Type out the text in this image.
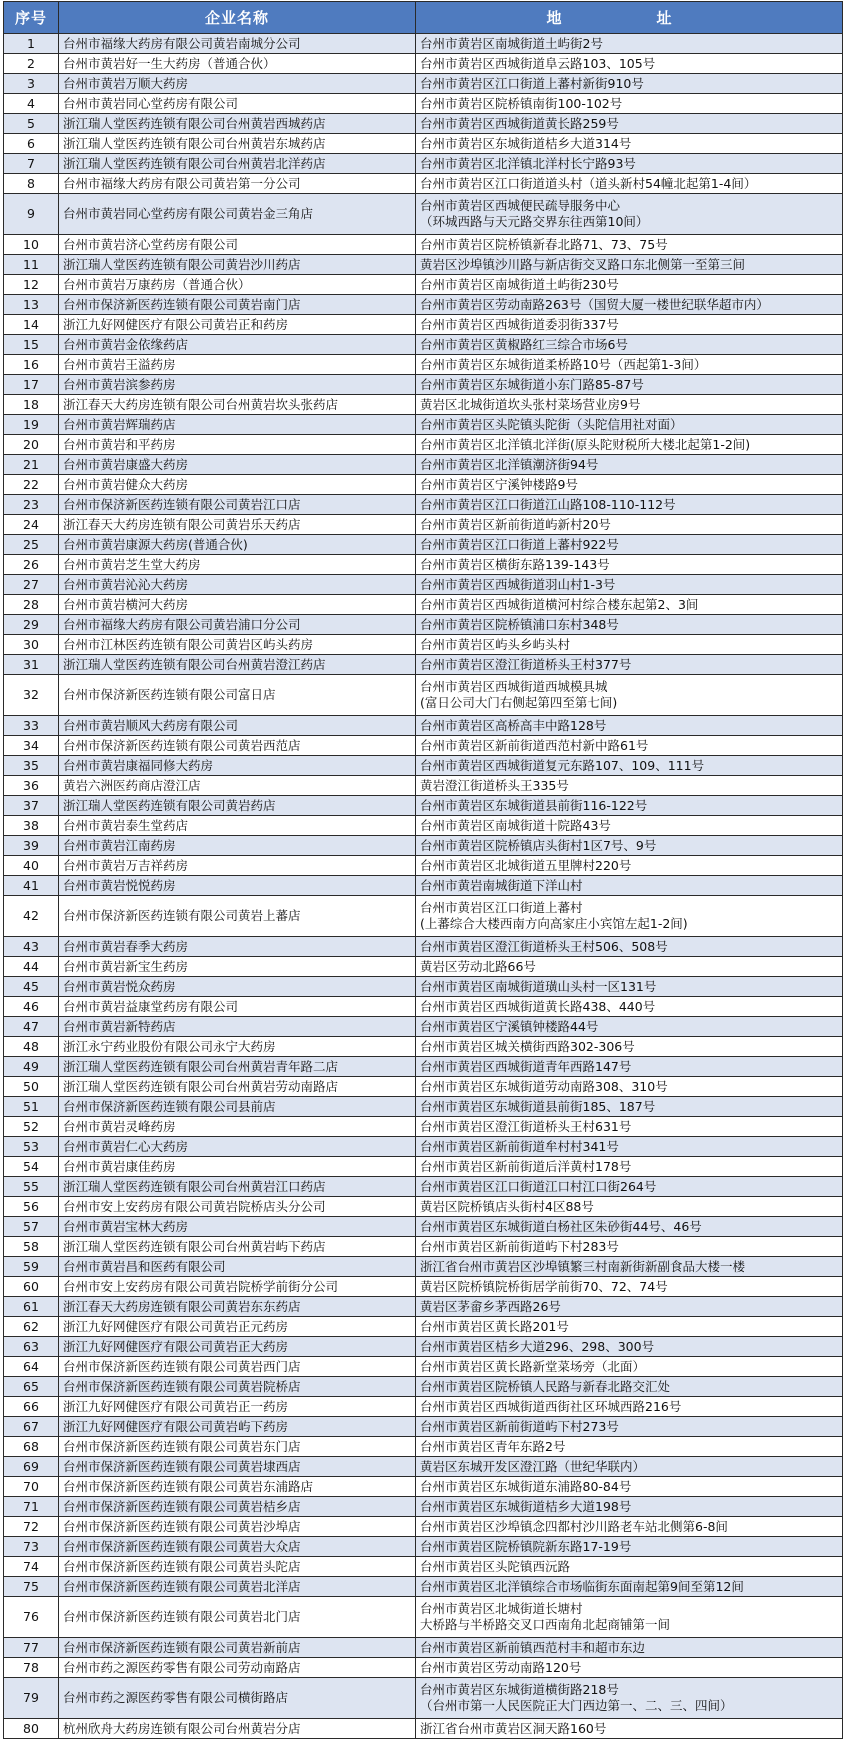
序号	企业名称	地　址
1	台州市福缘大药房有限公司黄岩南城分公司	台州市黄岩区南城街道土屿街2号

2	台州市黄岩好一生大药房（普通合伙）	台州市黄岩区西城街道阜云路103、105号

3	台州市黄岩万顺大药房	台州市黄岩区江口街道上蕃村新街910号

4	台州市黄岩同心堂药房有限公司	台州市黄岩区院桥镇南街100-102号

5	浙江瑞人堂医药连锁有限公司台州黄岩西城药店	台州市黄岩区西城街道黄长路259号

6	浙江瑞人堂医药连锁有限公司台州黄岩东城药店	台州市黄岩区东城街道桔乡大道314号

7	浙江瑞人堂医药连锁有限公司台州黄岩北洋药店	台州市黄岩区北洋镇北洋村长宁路93号

8	台州市福缘大药房有限公司黄岩第一分公司	台州市黄岩区江口街道道头村（道头新村54幢北起第1-4间）

9	台州市黄岩同心堂药房有限公司黄岩金三角店	台州市黄岩区西城便民疏导服务中心
（环城西路与天元路交界东往西第10间）

10	台州市黄岩济心堂药房有限公司	台州市黄岩区院桥镇新春北路71、73、75号

11	浙江瑞人堂医药连锁有限公司黄岩沙川药店	黄岩区沙埠镇沙川路与新店街交叉路口东北侧第一至第三间

12	台州市黄岩万康药房（普通合伙）	台州市黄岩区南城街道土屿街230号

13	台州市保济新医药连锁有限公司黄岩南门店	台州市黄岩区劳动南路263号（国贸大厦一楼世纪联华超市内）

14	浙江九好网健医疗有限公司黄岩正和药房	台州市黄岩区西城街道委羽街337号

15	台州市黄岩金依缘药店	台州市黄岩区黄椒路红三综合市场6号

16	台州市黄岩王溢药房	台州市黄岩区东城街道柔桥路10号（西起第1-3间）

17	台州市黄岩滨参药房	台州市黄岩区东城街道小东门路85-87号

18	浙江春天大药房连锁有限公司台州黄岩坎头张药店	黄岩区北城街道坎头张村菜场营业房9号

19	台州市黄岩辉瑞药店	台州市黄岩区头陀镇头陀街（头陀信用社对面）

20	台州市黄岩和平药房	台州市黄岩区北洋镇北洋街(原头陀财税所大楼北起第1-2间)

21	台州市黄岩康盛大药房	台州市黄岩区北洋镇潮济街94号

22	台州市黄岩健众大药房	台州市黄岩区宁溪钟楼路9号

23	台州市保济新医药连锁有限公司黄岩江口店	台州市黄岩区江口街道江山路108-110-112号

24	浙江春天大药房连锁有限公司黄岩乐天药店	台州市黄岩区新前街道屿新村20号

25	台州市黄岩康源大药房(普通合伙)	台州市黄岩区江口街道上蕃村922号

26	台州市黄岩芝生堂大药房	台州市黄岩区横街东路139-143号

27	台州市黄岩沁沁大药房	台州市黄岩区西城街道羽山村1-3号

28	台州市黄岩横河大药房	台州市黄岩区西城街道横河村综合楼东起第2、3间

29	台州市福缘大药房有限公司黄岩浦口分公司	台州市黄岩区院桥镇浦口东村348号

30	台州市江林医药连锁有限公司黄岩区屿头药房	台州市黄岩区屿头乡屿头村

31	浙江瑞人堂医药连锁有限公司台州黄岩澄江药店	台州市黄岩区澄江街道桥头王村377号

32	台州市保济新医药连锁有限公司富日店	台州市黄岩区西城街道西城模具城
(富日公司大门右侧起第四至第七间)

33	台州市黄岩顺风大药房有限公司	台州市黄岩区高桥高丰中路128号

34	台州市保济新医药连锁有限公司黄岩西范店	台州市黄岩区新前街道西范村新中路61号

35	台州市黄岩康福同修大药房	台州市黄岩区西城街道复元东路107、109、111号

36	黄岩六洲医药商店澄江店	黄岩澄江街道桥头王335号

37	浙江瑞人堂医药连锁有限公司黄岩药店	台州市黄岩区东城街道县前街116-122号

38	台州市黄岩泰生堂药店	台州市黄岩区南城街道十院路43号

39	台州市黄岩江南药房	台州市黄岩区院桥镇店头街村1区7号、9号

40	台州市黄岩万吉祥药房	台州市黄岩区北城街道五里牌村220号

41	台州市黄岩悦悦药房	台州市黄岩南城街道下洋山村

42	台州市保济新医药连锁有限公司黄岩上蕃店	台州市黄岩区江口街道上蕃村
(上蕃综合大楼西南方向高家庄小宾馆左起1-2间)

43	台州市黄岩春季大药房	台州市黄岩区澄江街道桥头王村506、508号

44	台州市黄岩新宝生药房	黄岩区劳动北路66号

45	台州市黄岩悦众药房	台州市黄岩区南城街道璜山头村一区131号

46	台州市黄岩益康堂药房有限公司	台州市黄岩区西城街道黄长路438、440号

47	台州市黄岩新特药店	台州市黄岩区宁溪镇钟楼路44号

48	浙江永宁药业股份有限公司永宁大药房	台州市黄岩区城关横街西路302-306号

49	浙江瑞人堂医药连锁有限公司台州黄岩青年路二店	台州市黄岩区西城街道青年西路147号

50	浙江瑞人堂医药连锁有限公司台州黄岩劳动南路店	台州市黄岩区东城街道劳动南路308、310号

51	台州市保济新医药连锁有限公司县前店	台州市黄岩区东城街道县前街185、187号

52	台州市黄岩灵峰药房	台州市黄岩区澄江街道桥头王村631号

53	台州市黄岩仁心大药房	台州市黄岩区新前街道牟村村341号

54	台州市黄岩康佳药房	台州市黄岩区新前街道后洋黄村178号

55	浙江瑞人堂医药连锁有限公司台州黄岩江口药店	台州市黄岩区江口街道江口村江口街264号

56	台州市安上安药房有限公司黄岩院桥店头分公司	黄岩区院桥镇店头街村4区88号

57	台州市黄岩宝林大药房	台州市黄岩区东城街道白杨社区朱砂街44号、46号

58	浙江瑞人堂医药连锁有限公司台州黄岩屿下药店	台州市黄岩区新前街道屿下村283号

59	台州市黄岩昌和医药有限公司	浙江省台州市黄岩区沙埠镇繁三村南新街新副食品大楼一楼

60	台州市安上安药房有限公司黄岩院桥学前街分公司	黄岩区院桥镇院桥街居学前街70、72、74号

61	浙江春天大药房连锁有限公司黄岩东东药店	黄岩区茅畲乡茅西路26号

62	浙江九好网健医疗有限公司黄岩正元药房	台州市黄岩区黄长路201号

63	浙江九好网健医疗有限公司黄岩正大药房	台州市黄岩区桔乡大道296、298、300号

64	台州市保济新医药连锁有限公司黄岩西门店	台州市黄岩区黄长路新堂菜场旁（北面）

65	台州市保济新医药连锁有限公司黄岩院桥店	台州市黄岩区院桥镇人民路与新春北路交汇处

66	浙江九好网健医疗有限公司黄岩正一药房	台州市黄岩区西城街道西街社区环城西路216号

67	浙江九好网健医疗有限公司黄岩屿下药房	台州市黄岩区新前街道屿下村273号

68	台州市保济新医药连锁有限公司黄岩东门店	台州市黄岩区青年东路2号

69	台州市保济新医药连锁有限公司黄岩埭西店	黄岩区东城开发区澄江路（世纪华联内）

70	台州市保济新医药连锁有限公司黄岩东浦路店	台州市黄岩区东城街道东浦路80-84号

71	台州市保济新医药连锁有限公司黄岩桔乡店	台州市黄岩区东城街道桔乡大道198号

72	台州市保济新医药连锁有限公司黄岩沙埠店	台州市黄岩区沙埠镇念四都村沙川路老车站北侧第6-8间

73	台州市保济新医药连锁有限公司黄岩大众店	台州市黄岩区院桥镇院新东路17-19号

74	台州市保济新医药连锁有限公司黄岩头陀店	台州市黄岩区头陀镇西沅路

75	台州市保济新医药连锁有限公司黄岩北洋店	台州市黄岩区北洋镇综合市场临街东面南起第9间至第12间

76	台州市保济新医药连锁有限公司黄岩北门店	台州市黄岩区北城街道长塘村
大桥路与半桥路交叉口西南角北起商铺第一间

77	台州市保济新医药连锁有限公司黄岩新前店	台州市黄岩区新前镇西范村丰和超市东边

78	台州市药之源医药零售有限公司劳动南路店	台州市黄岩区劳动南路120号

79	台州市药之源医药零售有限公司横街路店	台州市黄岩区东城街道横街路218号
（台州市第一人民医院正大门西边第一、二、三、四间）

80	杭州欣舟大药房连锁有限公司台州黄岩分店	浙江省台州市黄岩区洞天路160号
